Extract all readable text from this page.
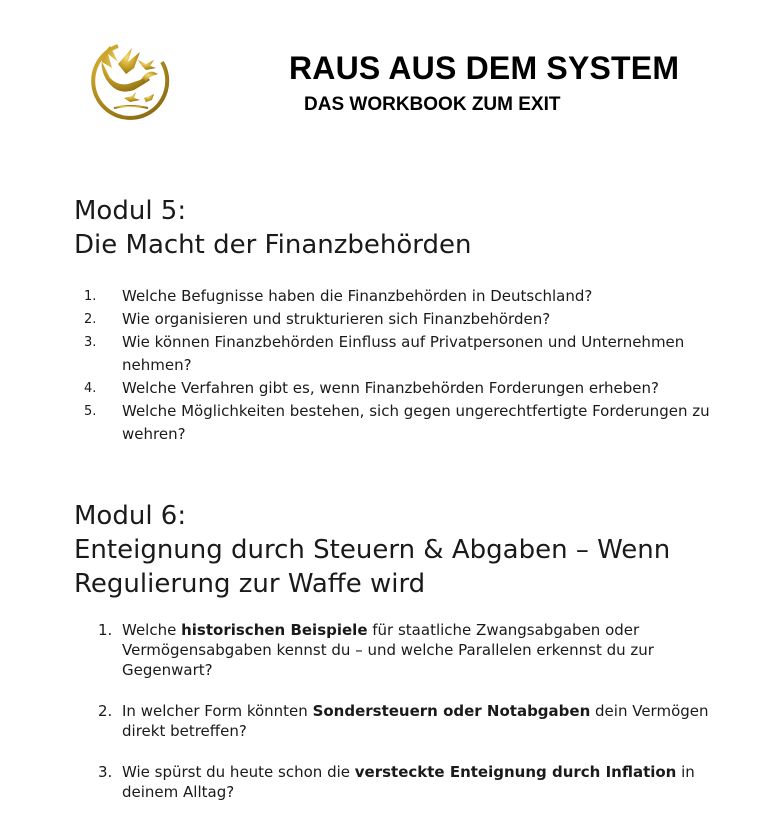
RAUS AUS DEM SYSTEM
DAS WORKBOOK ZUM EXIT
Modul 5:
Die Macht der Finanzbehörden
1. Welche Befugnisse haben die Finanzbehörden in Deutschland?
2. Wie organisieren und strukturieren sich Finanzbehörden?
3. Wie können Finanzbehörden Einfluss auf Privatpersonen und Unternehmen nehmen?
4. Welche Verfahren gibt es, wenn Finanzbehörden Forderungen erheben?
5. Welche Möglichkeiten bestehen, sich gegen ungerechtfertigte Forderungen zu wehren?
Modul 6:
Enteignung durch Steuern & Abgaben – Wenn Regulierung zur Waffe wird
1. Welche historischen Beispiele für staatliche Zwangsabgaben oder Vermögensabgaben kennst du – und welche Parallelen erkennst du zur Gegenwart?
2. In welcher Form könnten Sondersteuern oder Notabgaben dein Vermögen direkt betreffen?
3. Wie spürst du heute schon die versteckte Enteignung durch Inflation in deinem Alltag?
